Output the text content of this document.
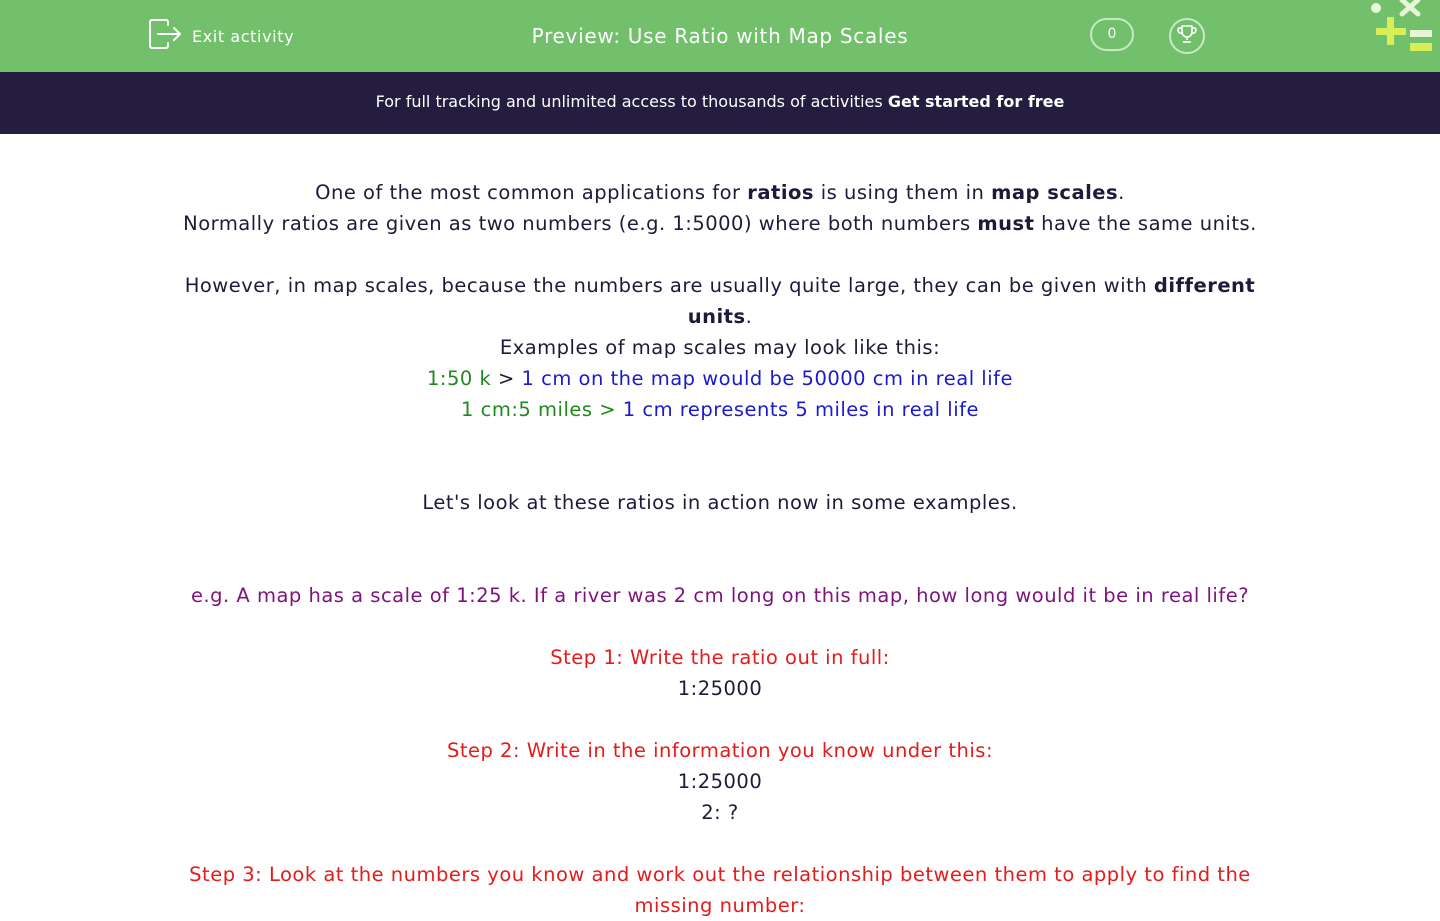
Exit activity	Preview: Use Ratio with Map Scales	0
For full tracking and unlimited access to thousands of activities Get started for free

One of the most common applications for ratios is using them in map scales.

Normally ratios are given as two numbers (e.g. 1:5000) where both numbers must have the same units.

However, in map scales, because the numbers are usually quite large, they can be given with different units.

Examples of map scales may look like this:

1:50 k > 1 cm on the map would be 50000 cm in real life

1 cm:5 miles > 1 cm represents 5 miles in real life

Let's look at these ratios in action now in some examples.

e.g. A map has a scale of 1:25 k. If a river was 2 cm long on this map, how long would it be in real life?

Step 1: Write the ratio out in full:

1:25000

Step 2: Write in the information you know under this:

1:25000

2: ?

Step 3: Look at the numbers you know and work out the relationship between them to apply to find the missing number:
